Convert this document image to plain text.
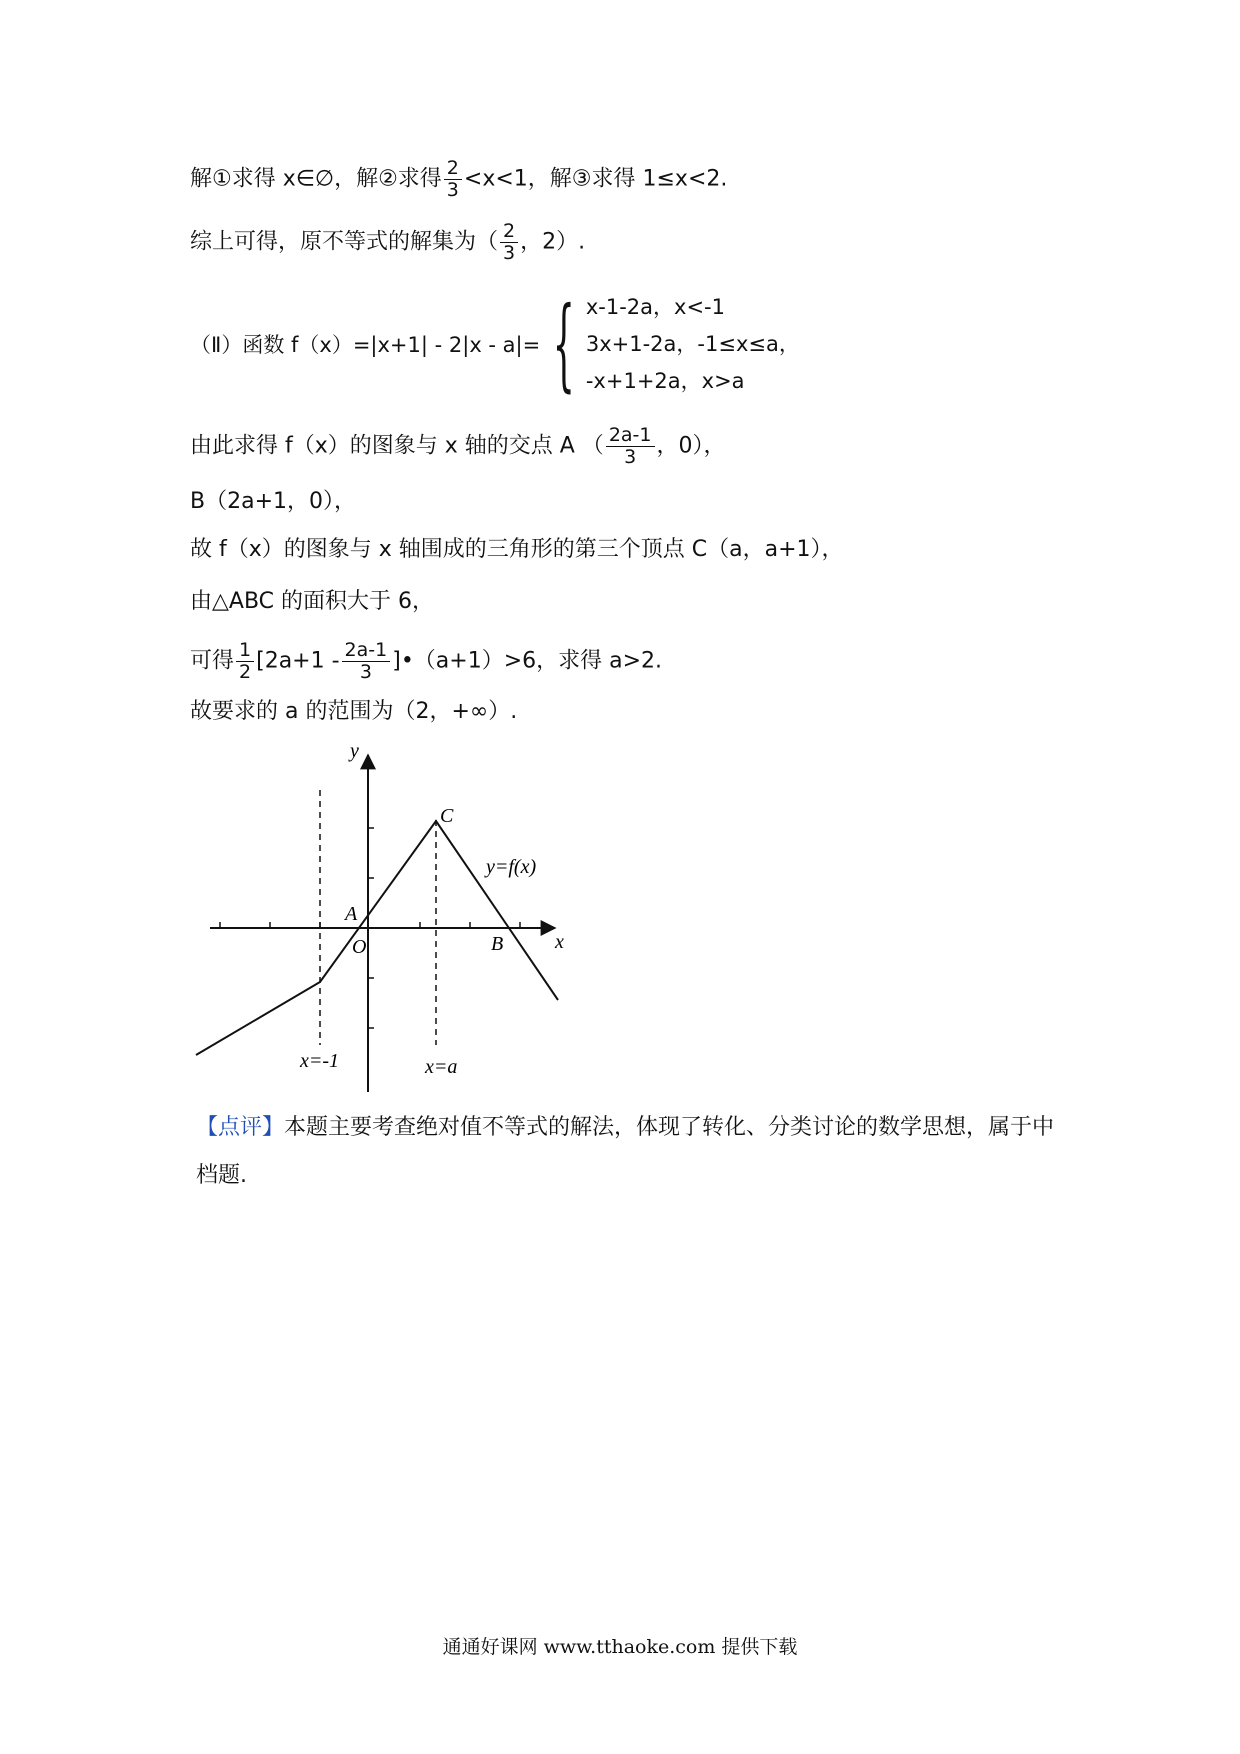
解①求得 x∈∅，解②求得 $\frac{2}{3} <x<1$，解③求得 1≤x<2.
综上可得，原不等式的解集为（ $\frac{2}{3}$ ，2）.
（Ⅱ）函数 f（x）=|x+1| - 2|x - a|= { x-1-2a，x<-1
3x+1-2a，-1≤x≤a，
-x+1+2a，x>a
由此求得 f（x）的图象与 x 轴的交点 A （ $\frac{2a-1}{3}$ ，0），
B（2a+1，0），
故 f（x）的图象与 x 轴围成的三角形的第三个顶点 C（a，a+1），
由△ABC 的面积大于 6，
可得 $\frac{1}{2} [2a+1 - \frac{2a-1}{3}$ ]•（a+1）>6，求得 a>2.
故要求的 a 的范围为（2，+∞）.
y
x
O
A
B
C
y=f(x)
x=-1	x=a
【点评】本题主要考查绝对值不等式的解法，体现了转化、分类讨论的数学思想，属于中档题.
通通好课网 www.tthaoke.com 提供下载
